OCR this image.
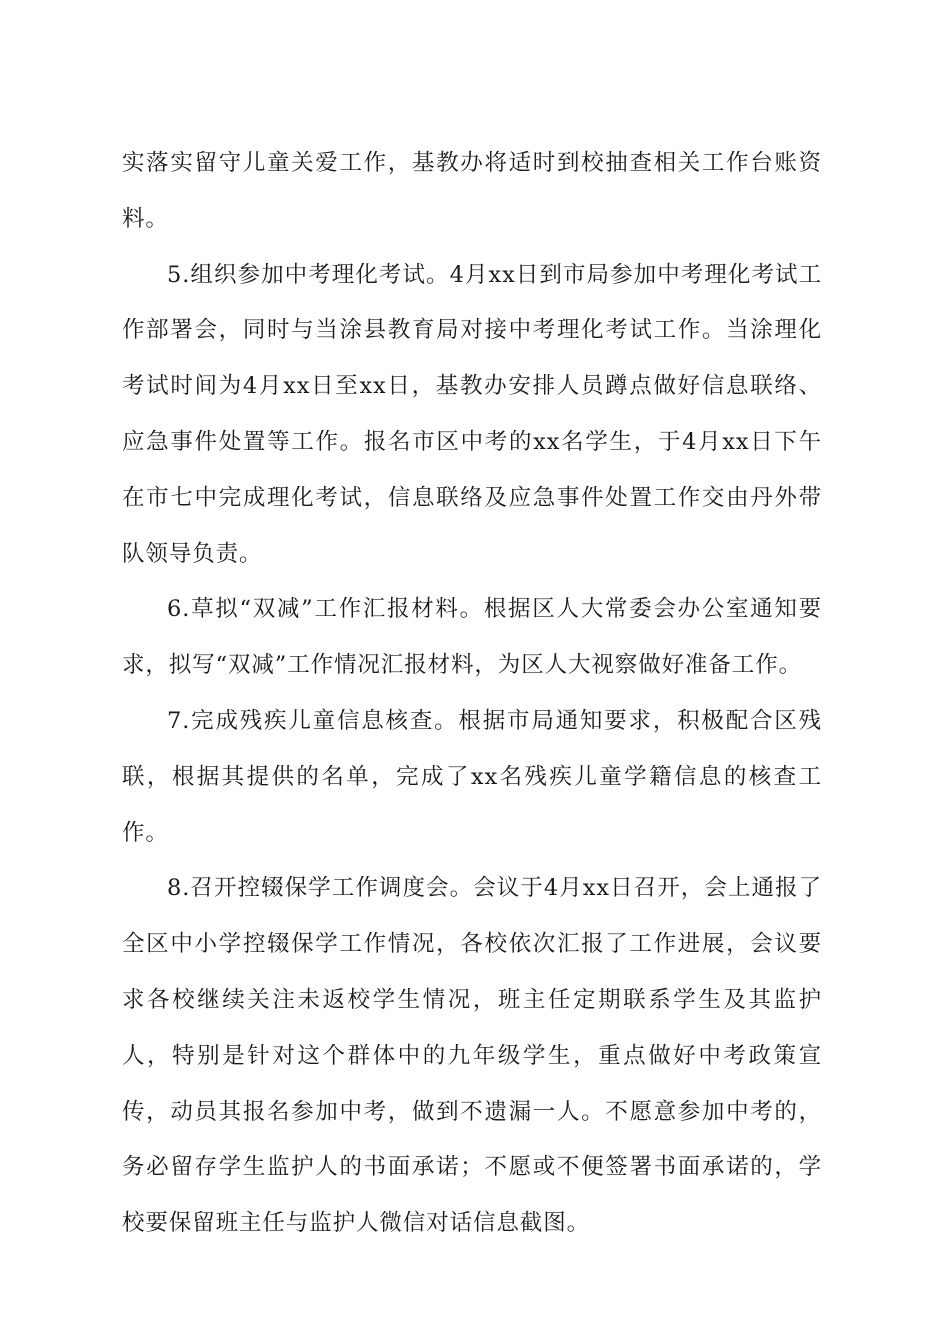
实落实留守儿童关爱工作，基教办将适时到校抽查相关工作台账资料。

5.组织参加中考理化考试。4月xx日到市局参加中考理化考试工作部署会，同时与当涂县教育局对接中考理化考试工作。当涂理化考试时间为4月xx日至xx日，基教办安排人员蹲点做好信息联络、应急事件处置等工作。报名市区中考的xx名学生，于4月xx日下午在市七中完成理化考试，信息联络及应急事件处置工作交由丹外带队领导负责。

6.草拟“双减”工作汇报材料。根据区人大常委会办公室通知要求，拟写“双减”工作情况汇报材料，为区人大视察做好准备工作。

7.完成残疾儿童信息核查。根据市局通知要求，积极配合区残联，根据其提供的名单，完成了xx名残疾儿童学籍信息的核查工作。

8.召开控辍保学工作调度会。会议于4月xx日召开，会上通报了全区中小学控辍保学工作情况，各校依次汇报了工作进展，会议要求各校继续关注未返校学生情况，班主任定期联系学生及其监护人，特别是针对这个群体中的九年级学生，重点做好中考政策宣传，动员其报名参加中考，做到不遗漏一人。不愿意参加中考的，务必留存学生监护人的书面承诺；不愿或不便签署书面承诺的，学校要保留班主任与监护人微信对话信息截图。
